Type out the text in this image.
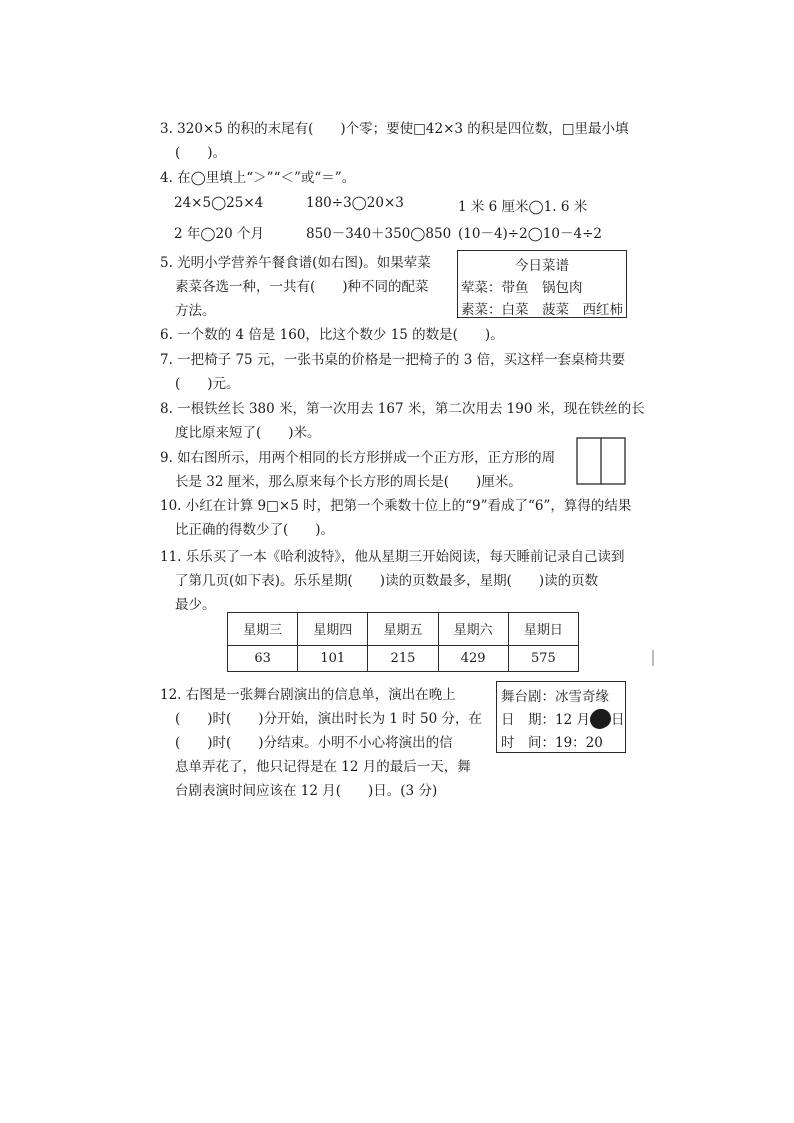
3. 320×5 的积的末尾有(　　)个零；要使□42×3 的积是四位数，□里最小填
(　　)。
4. 在◯里填上“＞”“＜”或“＝”。
24×5◯25×4	180÷3◯20×3	1 米 6 厘米◯1. 6 米
2 年◯20 个月	850－340＋350◯850 (10－4)÷2◯10－4÷2
5. 光明小学营养午餐食谱(如右图)。如果荤菜
素菜各选一种，一共有(　　)种不同的配菜
方法。
今日菜谱
荤菜：带鱼　锅包肉
素菜：白菜　菠菜　西红柿
6. 一个数的 4 倍是 160，比这个数少 15 的数是(　　)。
7. 一把椅子 75 元，一张书桌的价格是一把椅子的 3 倍，买这样一套桌椅共要
(　　)元。
8. 一根铁丝长 380 米，第一次用去 167 米，第二次用去 190 米，现在铁丝的长
度比原来短了(　　)米。
9. 如右图所示，用两个相同的长方形拼成一个正方形，正方形的周
长是 32 厘米，那么原来每个长方形的周长是(　　)厘米。
10. 小红在计算 9□×5 时，把第一个乘数十位上的“9”看成了“6”，算得的结果
比正确的得数少了(　　)。
11. 乐乐买了一本《哈利波特》，他从星期三开始阅读，每天睡前记录自己读到
了第几页(如下表)。乐乐星期(　　)读的页数最多，星期(　　)读的页数
最少。
星期三	星期四	星期五	星期六	星期日
63	101	215	429	575
12. 右图是一张舞台剧演出的信息单，演出在晚上
(　　)时(　　)分开始，演出时长为 1 时 50 分，在
(　　)时(　　)分结束。小明不小心将演出的信
息单弄花了，他只记得是在 12 月的最后一天，舞
台剧表演时间应该在 12 月(　　)日。(3 分)
舞台剧：冰雪奇缘
日　期：12 月 日
时　间：19：20
